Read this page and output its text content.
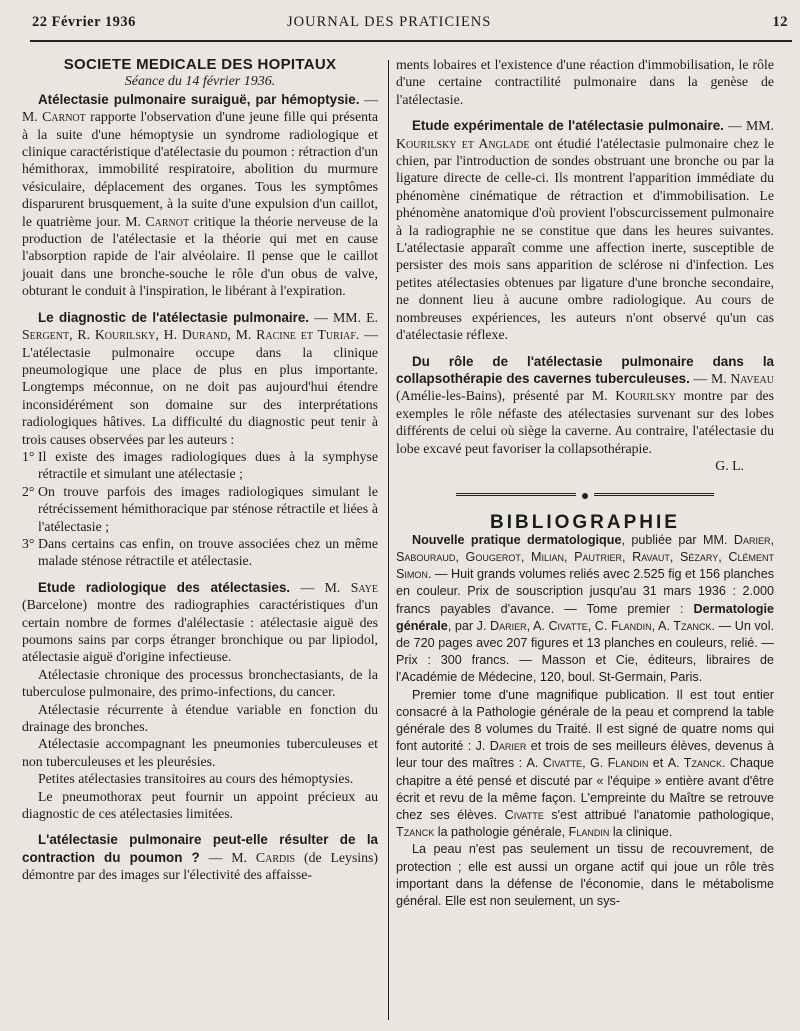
22 Février 1936	JOURNAL DES PRATICIENS	12

SOCIETE MEDICALE DES HOPITAUX

Séance du 14 février 1936.

Atélectasie pulmonaire suraiguë, par hémoptysie. — M. Carnot rapporte l'observation d'une jeune fille qui présenta à la suite d'une hémoptysie un syndrome radiologique et clinique caractéristique d'atélectasie du poumon : rétraction d'un hémithorax, immobilité respiratoire, abolition du murmure vésiculaire, déplacement des organes. Tous les symptômes disparurent brusquement, à la suite d'une expulsion d'un caillot, le quatrième jour. M. Carnot critique la théorie nerveuse de la production de l'atélectasie et la théorie qui met en cause l'absorption rapide de l'air alvéolaire. Il pense que le caillot jouait dans une bronche-souche le rôle d'un obus de valve, obturant le conduit à l'inspiration, le libérant à l'expiration.

Le diagnostic de l'atélectasie pulmonaire. — MM. E. Sergent, R. Kourilsky, H. Durand, M. Racine et Turiaf. — L'atélectasie pulmonaire occupe dans la clinique pneumologique une place de plus en plus importante. Longtemps méconnue, on ne doit pas aujourd'hui étendre inconsidérément son domaine sur des interprétations radiologiques hâtives. La difficulté du diagnostic peut tenir à trois causes observées par les auteurs :

1° Il existe des images radiologiques dues à la symphyse rétractile et simulant une atélectasie ;

2° On trouve parfois des images radiologiques simulant le rétrécissement hémithoracique par sténose rétractile et liées à l'atélectasie ;

3° Dans certains cas enfin, on trouve associées chez un même malade sténose rétractile et atélectasie.

Etude radiologique des atélectasies. — M. Saye (Barcelone) montre des radiographies caractéristiques d'un certain nombre de formes d'alélectasie : atélectasie aiguë des poumons sains par corps étranger bronchique ou par lipiodol, atélectasie aiguë d'origine infectieuse.

Atélectasie chronique des processus bronchectasiants, de la tuberculose pulmonaire, des primo-infections, du cancer.

Atélectasie récurrente à étendue variable en fonction du drainage des bronches.

Atélectasie accompagnant les pneumonies tuberculeuses et non tuberculeuses et les pleurésies.

Petites atélectasies transitoires au cours des hémoptysies.

Le pneumothorax peut fournir un appoint précieux au diagnostic de ces atélectasies limitées.

L'atélectasie pulmonaire peut-elle résulter de la contraction du poumon ? — M. Cardis (de Leysins) démontre par des images sur l'électivité des affaisse-

ments lobaires et l'existence d'une réaction d'immobilisation, le rôle d'une certaine contractilité pulmonaire dans la genèse de l'atélectasie.

Etude expérimentale de l'atélectasie pulmonaire. — MM. Kourilsky et Anglade ont étudié l'atélectasie pulmonaire chez le chien, par l'introduction de sondes obstruant une bronche ou par la ligature directe de celle-ci. Ils montrent l'apparition immédiate du phénomène cinématique de rétraction et d'immobilisation. Le phénomène anatomique d'où provient l'obscurcissement pulmonaire à la radiographie ne se constitue que dans les heures suivantes. L'atélectasie apparaît comme une affection inerte, susceptible de persister des mois sans apparition de sclérose ni d'infection. Les petites atélectasies obtenues par ligature d'une bronche secondaire, ne donnent lieu à aucune ombre radiologique. Au cours de nombreuses expériences, les auteurs n'ont observé qu'un cas d'atélectasie réflexe.

Du rôle de l'atélectasie pulmonaire dans la collapsothérapie des cavernes tuberculeuses. — M. Naveau (Amélie-les-Bains), présenté par M. Kourilsky montre par des exemples le rôle néfaste des atélectasies survenant sur des lobes différents de celui où siège la caverne. Au contraire, l'atélectasie du lobe excavé peut favoriser la collapsothérapie.

G. L.

BIBLIOGRAPHIE

Nouvelle pratique dermatologique, publiée par MM. Darier, Sabouraud, Gougerot, Milian, Pautrier, Ravaut, Sézary, Clément Simon. — Huit grands volumes reliés avec 2.525 fig et 156 planches en couleur. Prix de souscription jusqu'au 31 mars 1936 : 2.000 francs payables d'avance. — Tome premier : Dermatologie générale, par J. Darier, A. Civatte, C. Flandin, A. Tzanck. — Un vol. de 720 pages avec 207 figures et 13 planches en couleurs, relié. — Prix : 300 francs. — Masson et Cie, éditeurs, libraires de l'Académie de Médecine, 120, boul. St-Germain, Paris.

Premier tome d'une magnifique publication. Il est tout entier consacré à la Pathologie générale de la peau et comprend la table générale des 8 volumes du Traité. Il est signé de quatre noms qui font autorité : J. Darier et trois de ses meilleurs élèves, devenus à leur tour des maîtres : A. Civatte, G. Flandin et A. Tzanck. Chaque chapitre a été pensé et discuté par « l'équipe » entière avant d'être écrit et revu de la même façon. L'empreinte du Maître se retrouve chez ses élèves. Civatte s'est attribué l'anatomie pathologique, Tzanck la pathologie générale, Flandin la clinique.

La peau n'est pas seulement un tissu de recouvrement, de protection ; elle est aussi un organe actif qui joue un rôle très important dans la défense de l'économie, dans le métabolisme général. Elle est non seulement, un sys-
